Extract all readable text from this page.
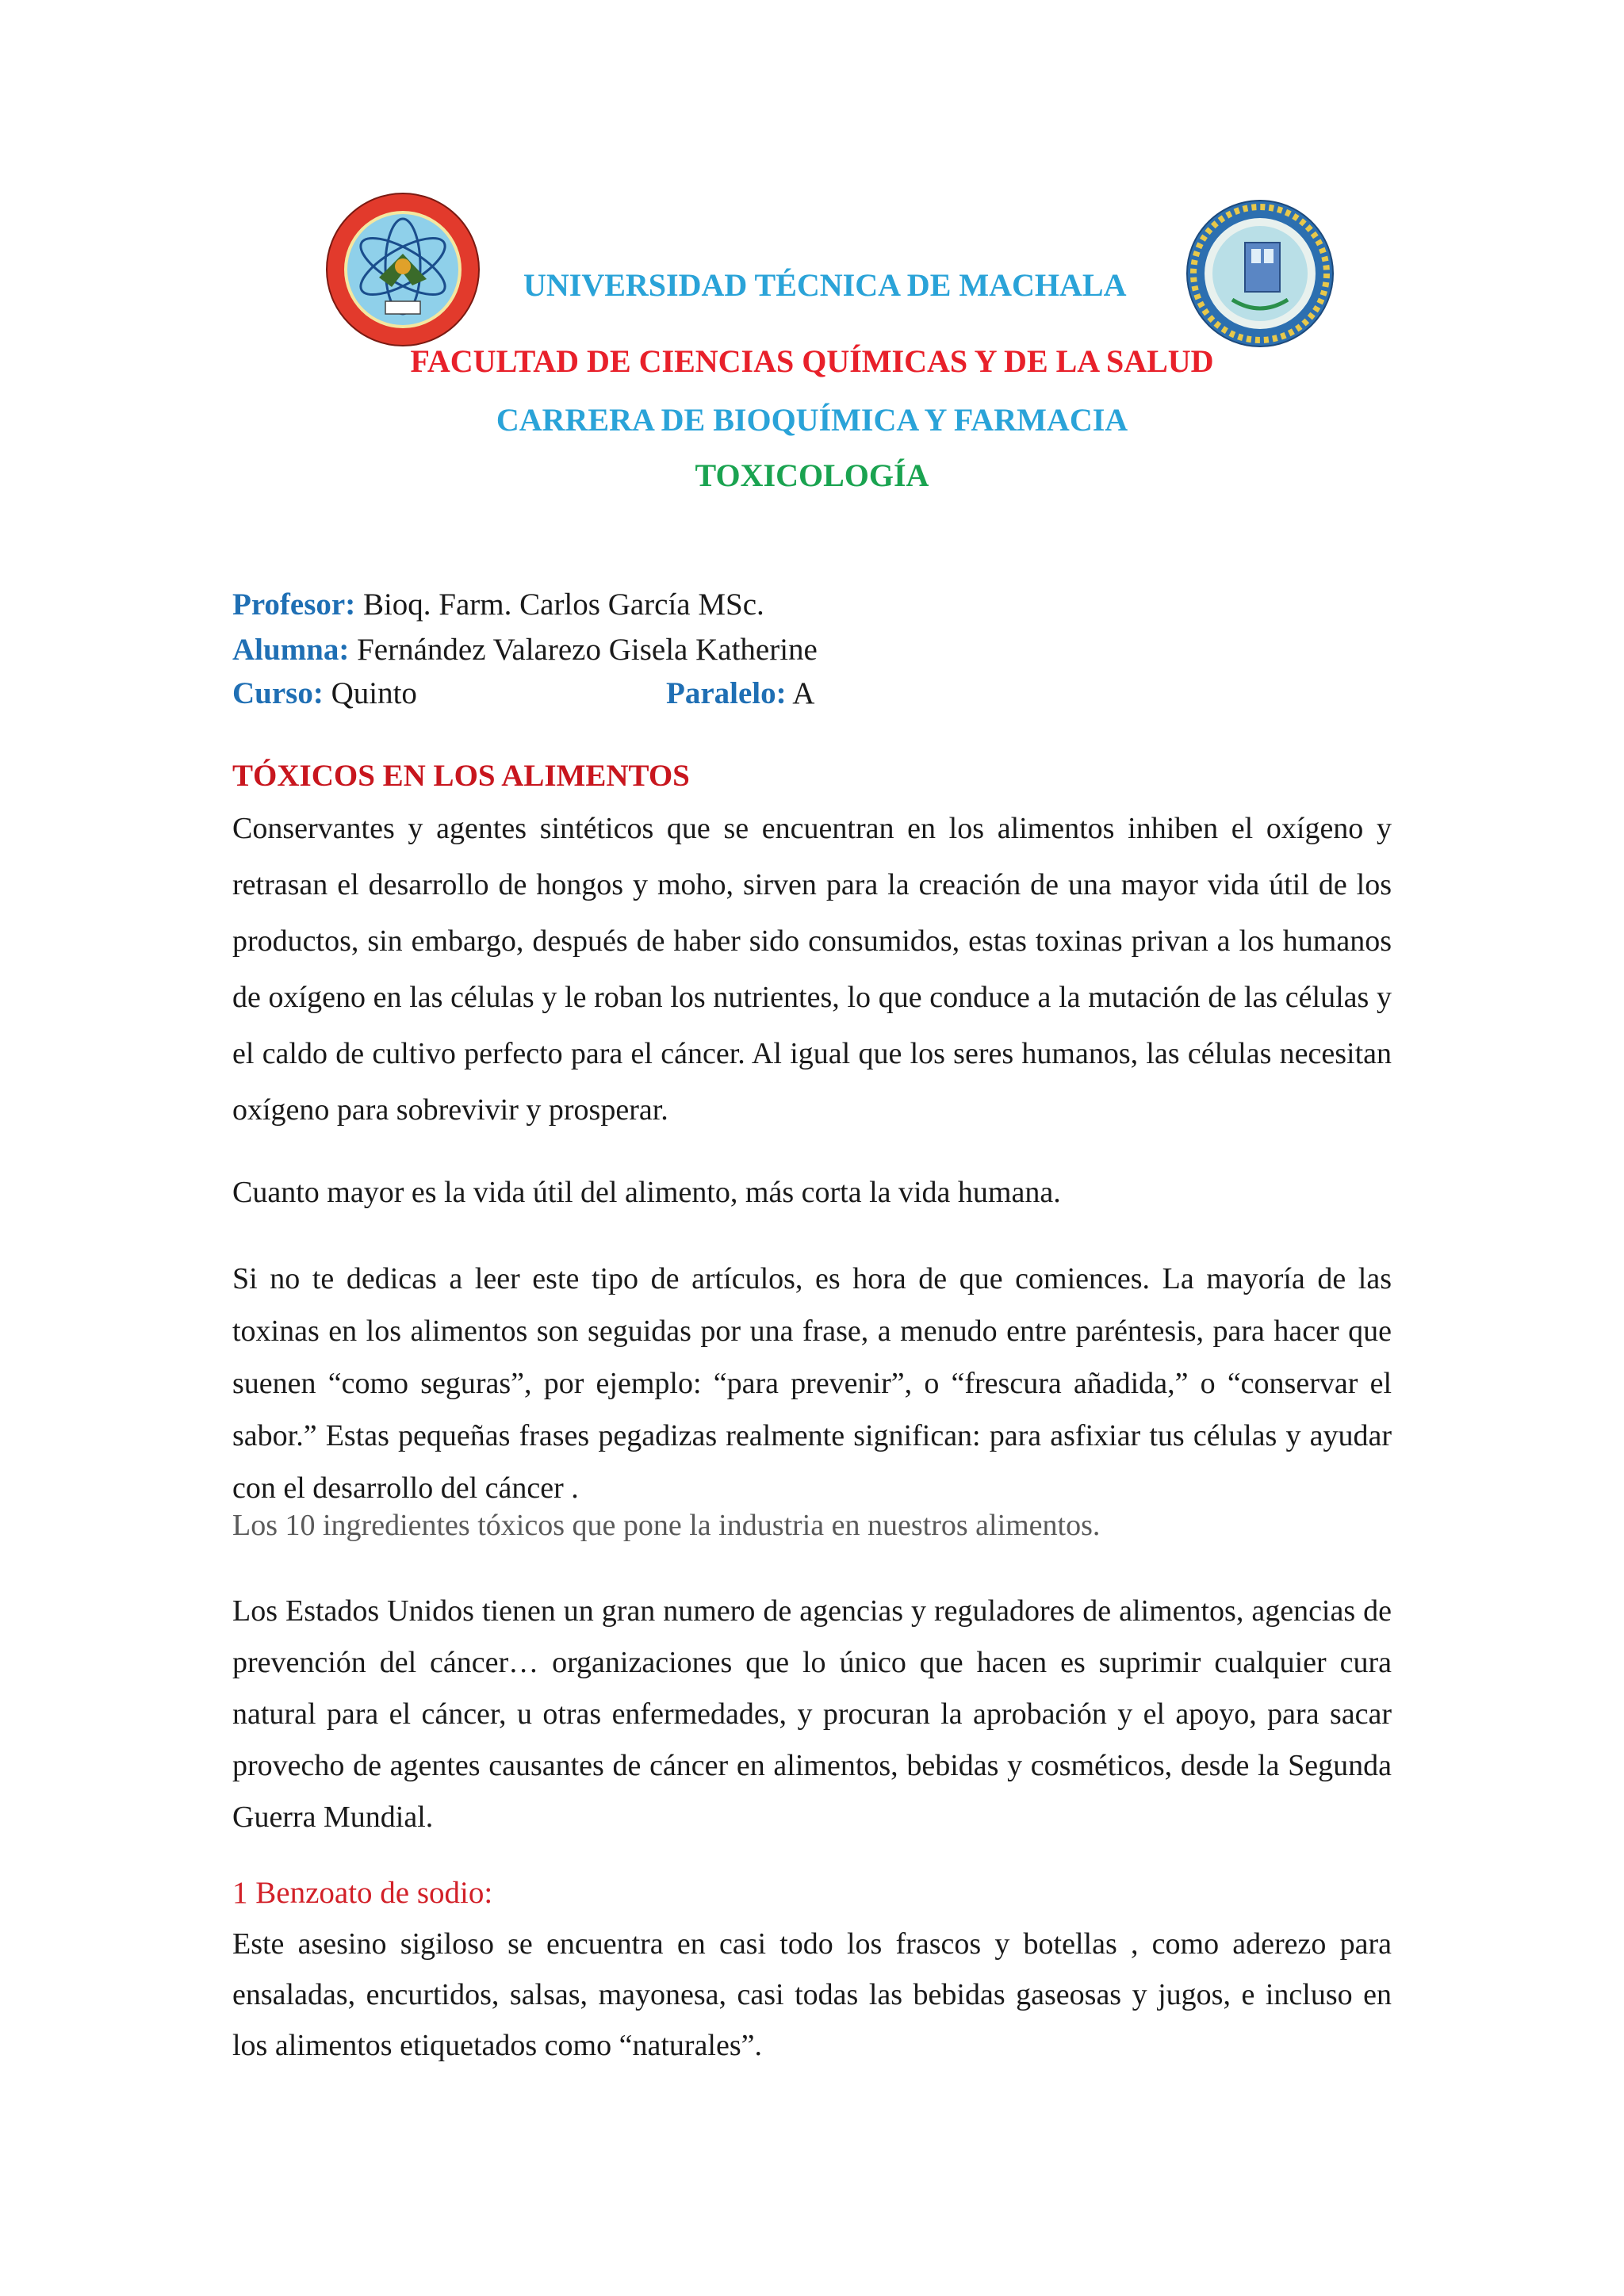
UNIVERSIDAD TÉCNICA DE MACHALA
FACULTAD DE CIENCIAS QUÍMICAS Y DE LA SALUD
CARRERA DE BIOQUÍMICA Y FARMACIA
TOXICOLOGÍA
Profesor: Bioq. Farm. Carlos García MSc.
Alumna: Fernández Valarezo Gisela Katherine
Curso: Quinto	Paralelo: A
TÓXICOS EN LOS ALIMENTOS
Conservantes y agentes sintéticos que se encuentran en los alimentos inhiben el oxígeno y retrasan el desarrollo de hongos y moho, sirven para la creación de una mayor vida útil de los productos, sin embargo, después de haber sido consumidos, estas toxinas privan a los humanos de oxígeno en las células y le roban los nutrientes, lo que conduce a la mutación de las células y el caldo de cultivo perfecto para el cáncer. Al igual que los seres humanos, las células necesitan oxígeno para sobrevivir y prosperar.
Cuanto mayor es la vida útil del alimento, más corta la vida humana.
Si no te dedicas a leer este tipo de artículos, es hora de que comiences. La mayoría de las toxinas en los alimentos son seguidas por una frase, a menudo entre paréntesis, para hacer que suenen “como seguras”, por ejemplo: “para prevenir”, o “frescura añadida,” o “conservar el sabor.” Estas pequeñas frases pegadizas realmente significan: para asfixiar tus células y ayudar con el desarrollo del cáncer .
Los 10 ingredientes tóxicos que pone la industria en nuestros alimentos.
Los Estados Unidos tienen un gran numero de agencias y reguladores de alimentos, agencias de prevención del cáncer… organizaciones que lo único que hacen es suprimir cualquier cura natural para el cáncer, u otras enfermedades, y procuran la aprobación y el apoyo, para sacar provecho de agentes causantes de cáncer en alimentos, bebidas y cosméticos, desde la Segunda Guerra Mundial.
1 Benzoato de sodio:
Este asesino sigiloso se encuentra en casi todo los frascos y botellas , como aderezo para ensaladas, encurtidos, salsas, mayonesa, casi todas las bebidas gaseosas y jugos, e incluso en los alimentos etiquetados como “naturales”.
